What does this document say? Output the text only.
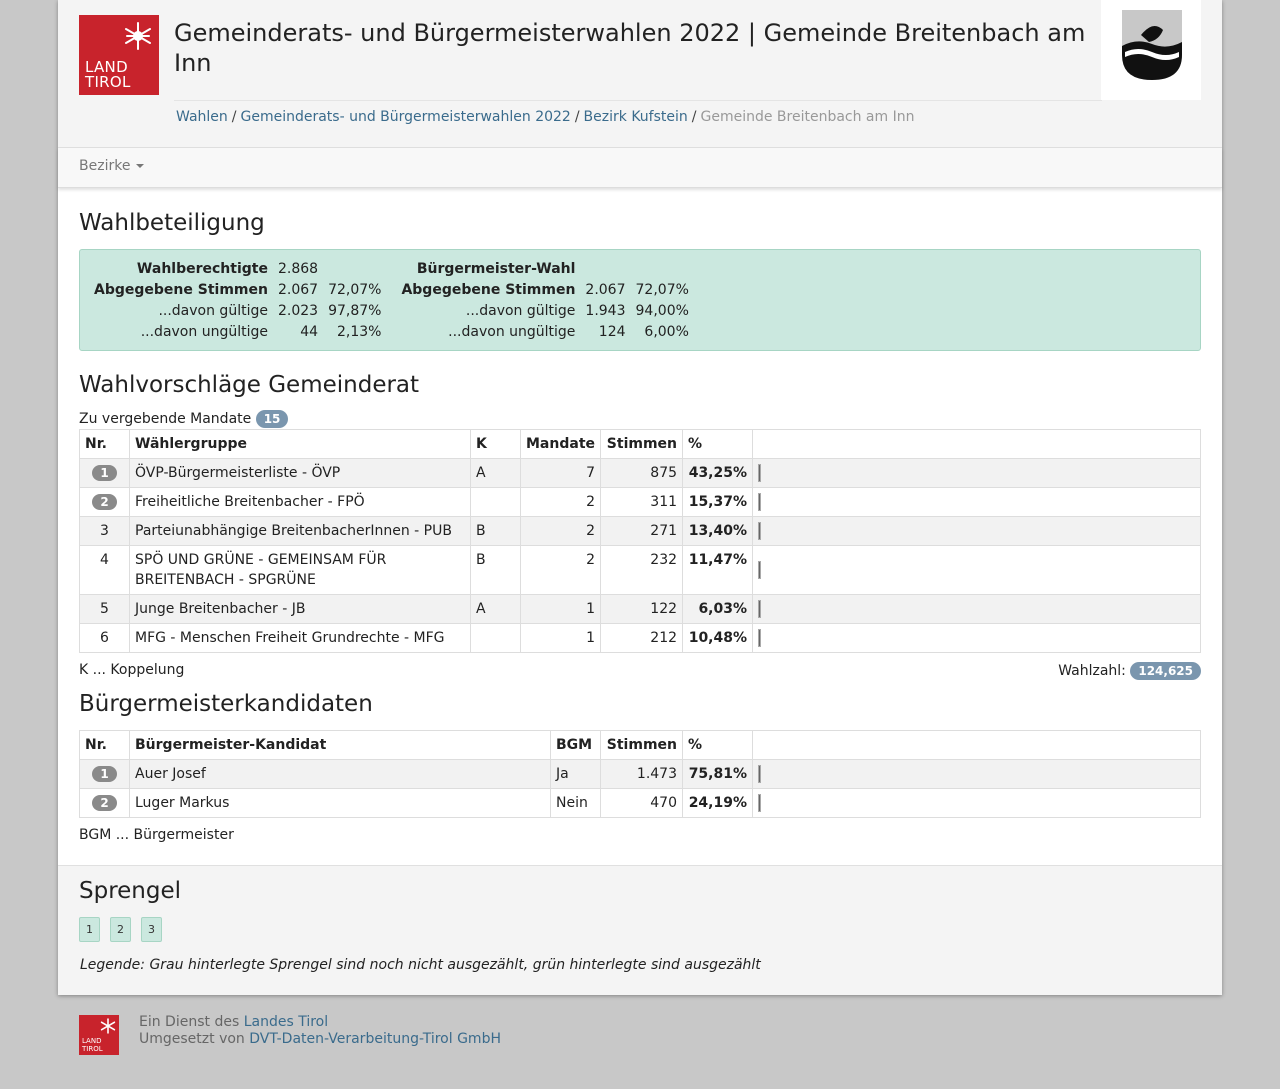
LAND
TIROL
Gemeinderats- und Bürgermeisterwahlen 2022 | Gemeinde Breitenbach am Inn
Wahlen / Gemeinderats- und Bürgermeisterwahlen 2022 / Bezirk Kufstein / Gemeinde Breitenbach am Inn
Bezirke
Wahlbeteiligung
Wahlberechtigte	2.868			Bürgermeister-Wahl		
Abgegebene Stimmen	2.067	72,07%		Abgegebene Stimmen	2.067	72,07%
...davon gültige	2.023	97,87%		...davon gültige	1.943	94,00%
...davon ungültige	44	2,13%		...davon ungültige	124	6,00%
Wahlvorschläge Gemeinderat
Zu vergebende Mandate 15
Nr.	Wählergruppe	K	Mandate	Stimmen	%	
1	ÖVP-Bürgermeisterliste - ÖVP	A	7	875	43,25%	

2	Freiheitliche Breitenbacher - FPÖ		2	311	15,37%	

3	Parteiunabhängige BreitenbacherInnen - PUB	B	2	271	13,40%	

4	SPÖ UND GRÜNE - GEMEINSAM FÜR BREITENBACH - SPGRÜNE	B	2	232	11,47%	

5	Junge Breitenbacher - JB	A	1	122	6,03%	

6	MFG - Menschen Freiheit Grundrechte - MFG		1	212	10,48%	
K ... Koppelung	Wahlzahl: 124,625
Bürgermeisterkandidaten
Nr.	Bürgermeister-Kandidat	BGM	Stimmen	%	
1	Auer Josef	Ja	1.473	75,81%	

2	Luger Markus	Nein	470	24,19%	
BGM ... Bürgermeister
Sprengel
1	2	3
Legende: Grau hinterlegte Sprengel sind noch nicht ausgezählt, grün hinterlegte sind ausgezählt
LAND
TIROL
Ein Dienst des Landes Tirol
Umgesetzt von DVT-Daten-Verarbeitung-Tirol GmbH
